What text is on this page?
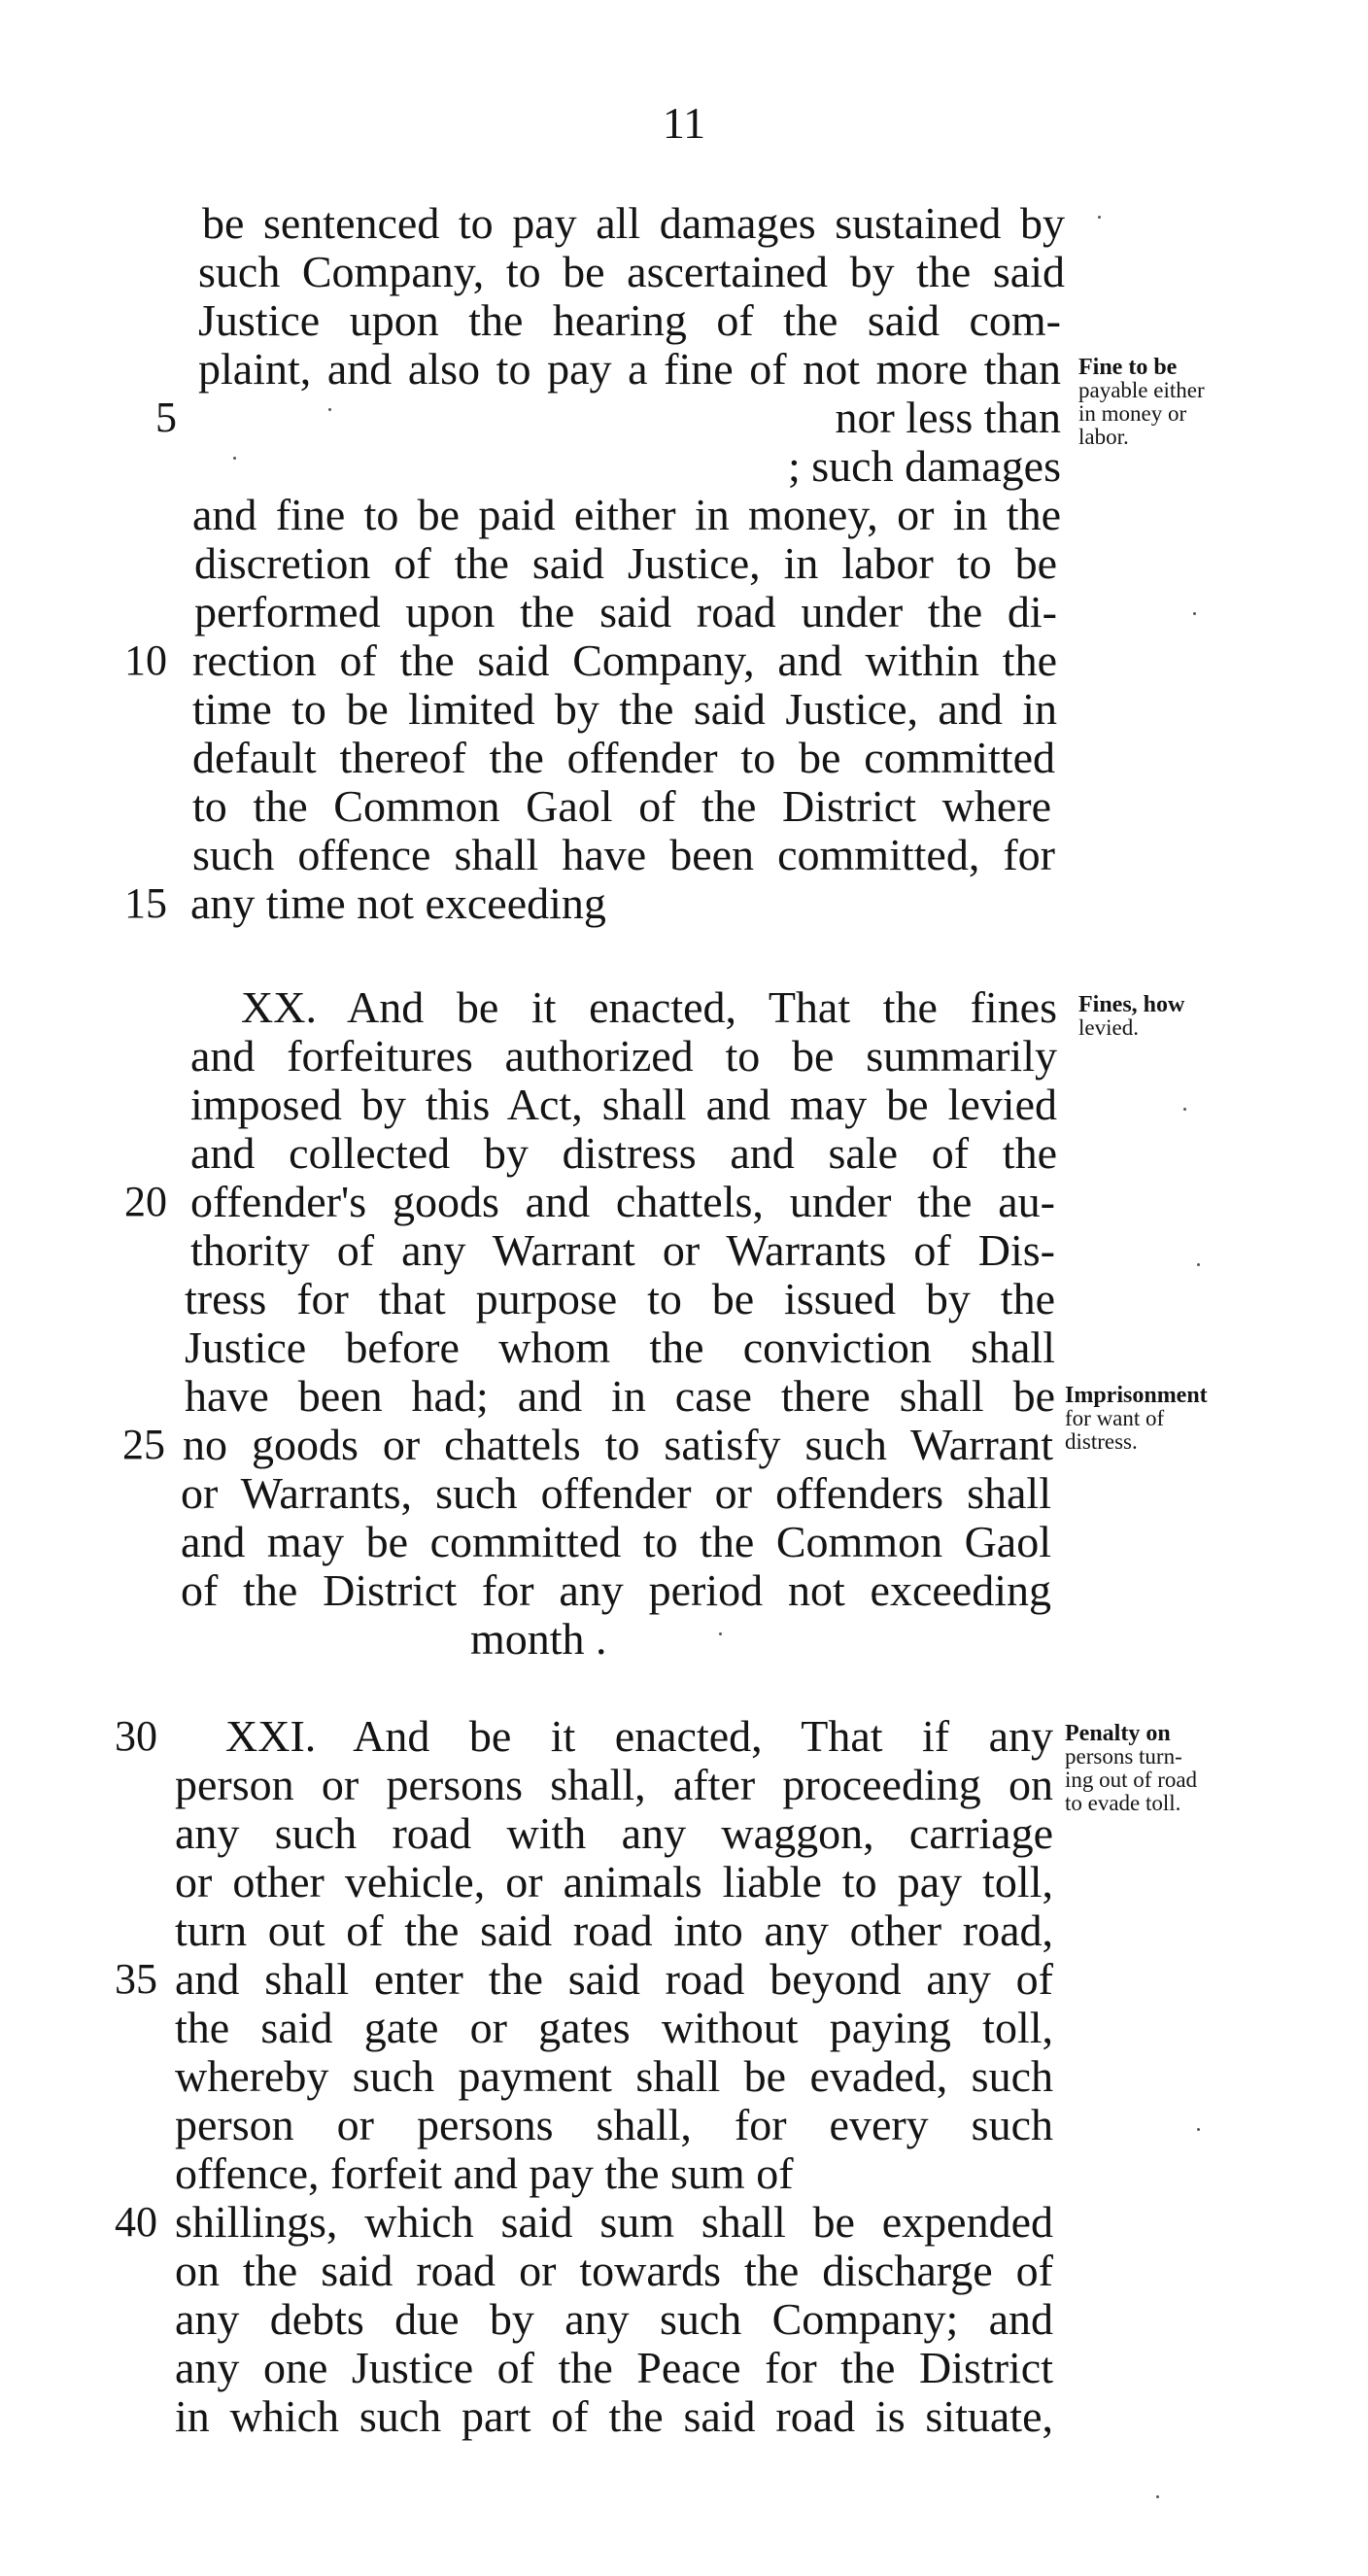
11
be sentenced to pay all damages sustained by
such Company, to be ascertained by the said
Justice upon the hearing of the said com-
plaint, and also to pay a fine of not more than
5	nor less than
; such damages
and fine to be paid either in money, or in the
discretion of the said Justice, in labor to be
performed upon the said road under the di-
10 rection of the said Company, and within the
time to be limited by the said Justice, and in
default thereof the offender to be committed
to the Common Gaol of the District where
such offence shall have been committed, for
15 any time not exceeding
XX. And be it enacted, That the fines
and forfeitures authorized to be summarily
imposed by this Act, shall and may be levied
and collected by distress and sale of the
20 offender's goods and chattels, under the au-
thority of any Warrant or Warrants of Dis-
tress for that purpose to be issued by the
Justice before whom the conviction shall
have been had; and in case there shall be
25 no goods or chattels to satisfy such Warrant
or Warrants, such offender or offenders shall
and may be committed to the Common Gaol
of the District for any period not exceeding
month .
30 XXI. And be it enacted, That if any
person or persons shall, after proceeding on
any such road with any waggon, carriage
or other vehicle, or animals liable to pay toll,
turn out of the said road into any other road,
35 and shall enter the said road beyond any of
the said gate or gates without paying toll,
whereby such payment shall be evaded, such
person or persons shall, for every such
offence, forfeit and pay the sum of
40 shillings, which said sum shall be expended
on the said road or towards the discharge of
any debts due by any such Company; and
any one Justice of the Peace for the District
in which such part of the said road is situate,
Fine to be
payable either
in money or
labor.
Fines, how
levied.
Imprisonment
for want of
distress.
Penalty on
persons turn-
ing out of road
to evade toll.
